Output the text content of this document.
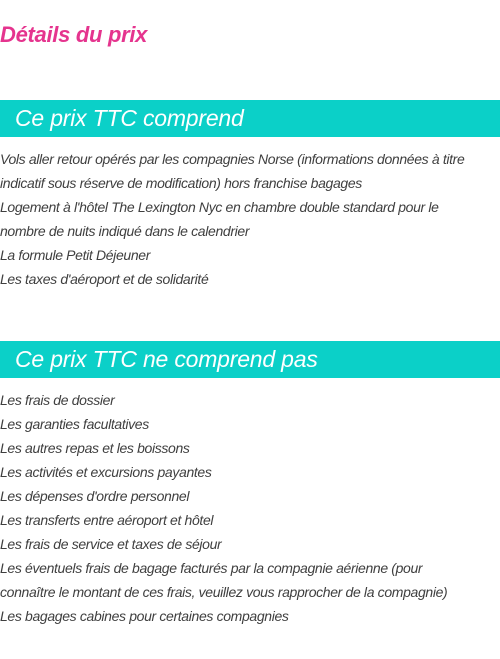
Détails du prix
Ce prix TTC comprend
Vols aller retour opérés par les compagnies Norse (informations données à titre
indicatif sous réserve de modification) hors franchise bagages
Logement à l'hôtel The Lexington Nyc en chambre double standard pour le
nombre de nuits indiqué dans le calendrier
La formule Petit Déjeuner
Les taxes d'aéroport et de solidarité
Ce prix TTC ne comprend pas
Les frais de dossier
Les garanties facultatives
Les autres repas et les boissons
Les activités et excursions payantes
Les dépenses d'ordre personnel
Les transferts entre aéroport et hôtel
Les frais de service et taxes de séjour
Les éventuels frais de bagage facturés par la compagnie aérienne (pour
connaître le montant de ces frais, veuillez vous rapprocher de la compagnie)
Les bagages cabines pour certaines compagnies
